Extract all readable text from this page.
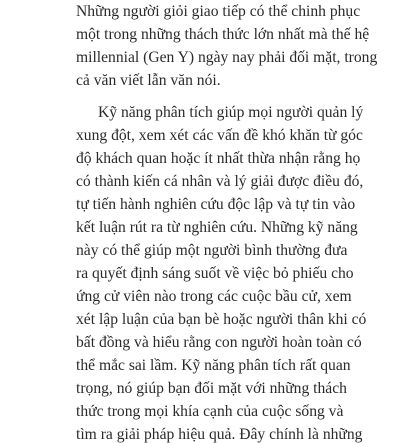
Những người giỏi giao tiếp có thể chinh phục
một trong những thách thức lớn nhất mà thế hệ
millennial (Gen Y) ngày nay phải đối mặt, trong
cả văn viết lẫn văn nói.
Kỹ năng phân tích giúp mọi người quản lý
xung đột, xem xét các vấn đề khó khăn từ góc
độ khách quan hoặc ít nhất thừa nhận rằng họ
có thành kiến cá nhân và lý giải được điều đó,
tự tiến hành nghiên cứu độc lập và tự tin vào
kết luận rút ra từ nghiên cứu. Những kỹ năng
này có thể giúp một người bình thường đưa
ra quyết định sáng suốt về việc bỏ phiếu cho
ứng cử viên nào trong các cuộc bầu cử, xem
xét lập luận của bạn bè hoặc người thân khi có
bất đồng và hiểu rằng con người hoàn toàn có
thể mắc sai lầm. Kỹ năng phân tích rất quan
trọng, nó giúp bạn đối mặt với những thách
thức trong mọi khía cạnh của cuộc sống và
tìm ra giải pháp hiệu quả. Đây chính là những
